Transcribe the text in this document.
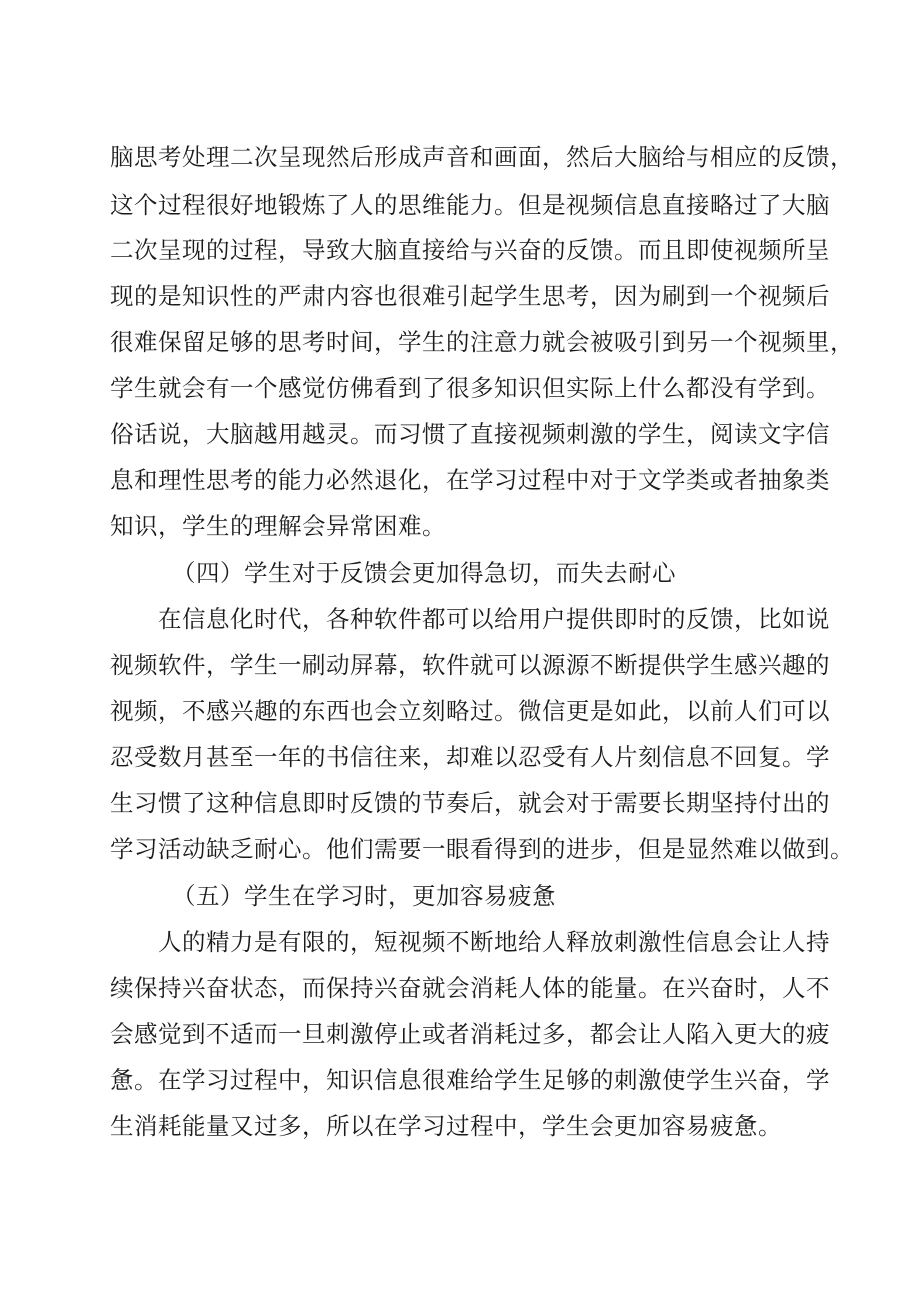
脑思考处理二次呈现然后形成声音和画面，然后大脑给与相应的反馈，
这个过程很好地锻炼了人的思维能力。但是视频信息直接略过了大脑
二次呈现的过程，导致大脑直接给与兴奋的反馈。而且即使视频所呈
现的是知识性的严肃内容也很难引起学生思考，因为刷到一个视频后
很难保留足够的思考时间，学生的注意力就会被吸引到另一个视频里，
学生就会有一个感觉仿佛看到了很多知识但实际上什么都没有学到。
俗话说，大脑越用越灵。而习惯了直接视频刺激的学生，阅读文字信
息和理性思考的能力必然退化，在学习过程中对于文学类或者抽象类
知识，学生的理解会异常困难。
（四）学生对于反馈会更加得急切，而失去耐心
在信息化时代，各种软件都可以给用户提供即时的反馈，比如说
视频软件，学生一刷动屏幕，软件就可以源源不断提供学生感兴趣的
视频，不感兴趣的东西也会立刻略过。微信更是如此，以前人们可以
忍受数月甚至一年的书信往来，却难以忍受有人片刻信息不回复。学
生习惯了这种信息即时反馈的节奏后，就会对于需要长期坚持付出的
学习活动缺乏耐心。他们需要一眼看得到的进步，但是显然难以做到。
（五）学生在学习时，更加容易疲惫
人的精力是有限的，短视频不断地给人释放刺激性信息会让人持
续保持兴奋状态，而保持兴奋就会消耗人体的能量。在兴奋时，人不
会感觉到不适而一旦刺激停止或者消耗过多，都会让人陷入更大的疲
惫。在学习过程中，知识信息很难给学生足够的刺激使学生兴奋，学
生消耗能量又过多，所以在学习过程中，学生会更加容易疲惫。
